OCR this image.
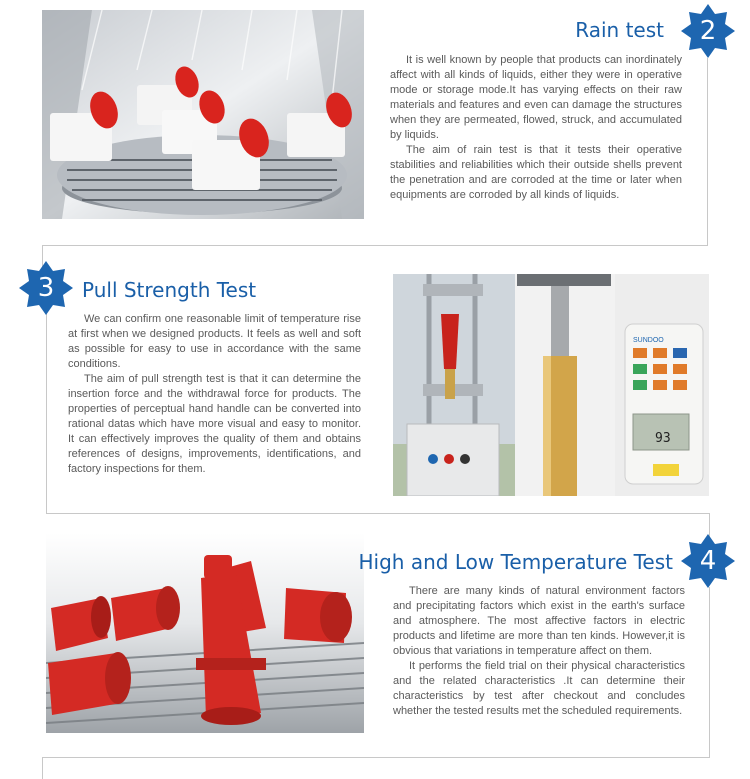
2
Rain test

It is well known by people that products can inordinately affect with all kinds of liquids, either they were in operative mode or storage mode.It has varying effects on their raw materials and features and even can damage the structures when they are permeated, flowed, struck, and accumulated by liquids.

The aim of rain test is that it tests their operative stabilities and reliabilities which their outside shells prevent the penetration and are corroded at the time or later when equipments are corroded by all kinds of liquids.

3	Pull Strength Test

We can confirm one reasonable limit of temperature rise at first when we designed products. It feels as well and soft as possible for easy to use in accordance with the same conditions.

The aim of pull strength test is that it can determine the insertion force and the withdrawal force for products. The properties of perceptual hand handle can be converted into rational datas which have more visual and easy to monitor. It can effectively improves the quality of them and obtains references of designs, improvements, identifications, and factory inspections for them.

SUNDOO
93
4
High and Low Temperature Test

There are many kinds of natural environment factors and precipitating factors which exist in the earth's surface and atmosphere. The most affective factors in electric products and lifetime are more than ten kinds. However,it is obvious that variations in temperature affect on them.

It performs the field trial on their physical characteristics and the related characteristics .It can determine their characteristics by test after checkout and concludes whether the tested results met the scheduled requirements.
